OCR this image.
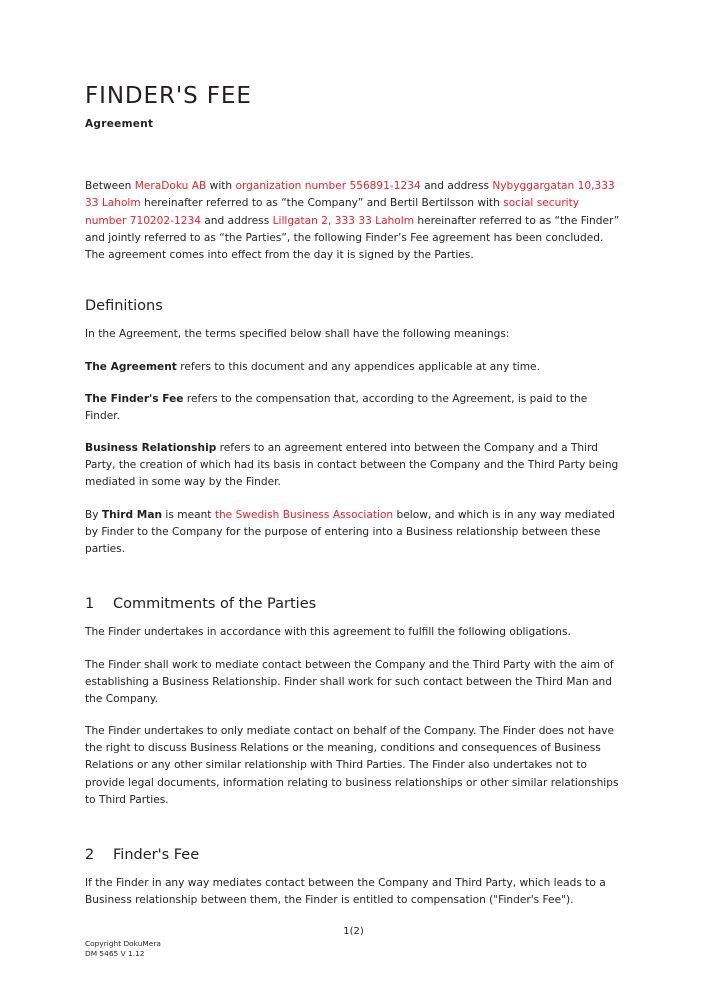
FINDER'S FEE
Agreement

Between MeraDoku AB with organization number 556891-1234 and address Nybyggargatan 10,333 33 Laholm hereinafter referred to as “the Company” and Bertil Bertilsson with social security number 710202-1234 and address Lillgatan 2, 333 33 Laholm hereinafter referred to as “the Finder” and jointly referred to as “the Parties”, the following Finder’s Fee agreement has been concluded. The agreement comes into effect from the day it is signed by the Parties.

Definitions

In the Agreement, the terms specified below shall have the following meanings:

The Agreement refers to this document and any appendices applicable at any time.

The Finder's Fee refers to the compensation that, according to the Agreement, is paid to the Finder.

Business Relationship refers to an agreement entered into between the Company and a Third Party, the creation of which had its basis in contact between the Company and the Third Party being mediated in some way by the Finder.

By Third Man is meant the Swedish Business Association below, and which is in any way mediated by Finder to the Company for the purpose of entering into a Business relationship between these parties.

1 Commitments of the Parties

The Finder undertakes in accordance with this agreement to fulfill the following obligations.

The Finder shall work to mediate contact between the Company and the Third Party with the aim of establishing a Business Relationship. Finder shall work for such contact between the Third Man and the Company.

The Finder undertakes to only mediate contact on behalf of the Company. The Finder does not have the right to discuss Business Relations or the meaning, conditions and consequences of Business Relations or any other similar relationship with Third Parties. The Finder also undertakes not to provide legal documents, information relating to business relationships or other similar relationships to Third Parties.

2 Finder's Fee

If the Finder in any way mediates contact between the Company and Third Party, which leads to a Business relationship between them, the Finder is entitled to compensation ("Finder's Fee").

1(2)
Copyright DokuMera
DM 5465 V 1.12
